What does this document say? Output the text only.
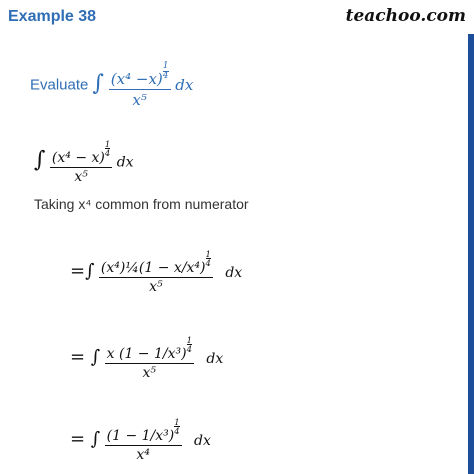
Example 38	teachoo.com
Evaluate ∫ $\frac{(x^4 -x) \frac{1}{4}}{\text{x⁵}}$ dx
∫ (x⁴ − x)
$\frac{1}{4}$
x⁵ dx
Taking x⁴ common from numerator
=∫ (x⁴)¼(1 − x/x⁴)
$\frac{1}{4}$
x⁵ dx
= ∫ x (1 − 1/x³)
$\frac{1}{4}$
x⁵ dx
= ∫ (1 − 1/x³)
$\frac{1}{4}$
x⁴ dx
